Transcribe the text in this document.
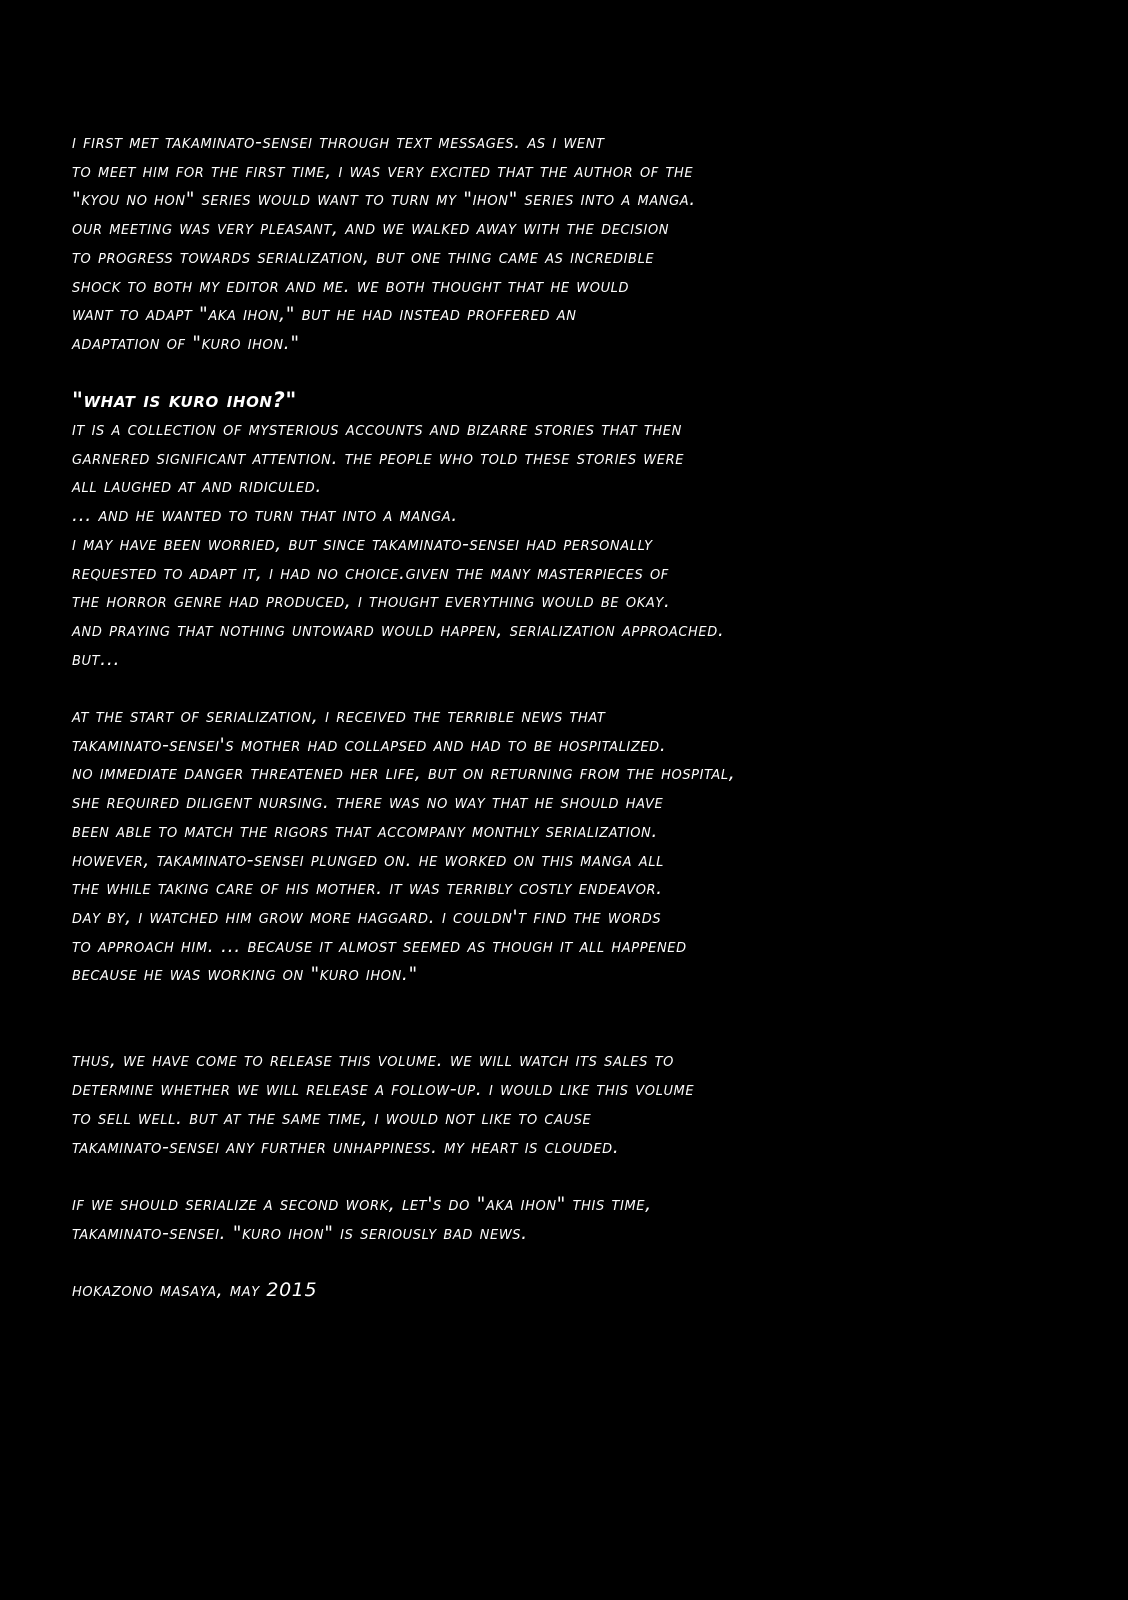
i first met takaminato-sensei through text messages. as i went
to meet him for the first time, i was very excited that the author of the
"kyou no hon" series would want to turn my "ihon" series into a manga.
our meeting was very pleasant, and we walked away with the decision
to progress towards serialization, but one thing came as incredible
shock to both my editor and me. we both thought that he would
want to adapt "aka ihon," but he had instead proffered an
adaptation of "kuro ihon."
"what is kuro ihon?"
it is a collection of mysterious accounts and bizarre stories that then
garnered significant attention. the people who told these stories were
all laughed at and ridiculed.
... and he wanted to turn that into a manga.
i may have been worried, but since takaminato-sensei had personally
requested to adapt it, i had no choice.given the many masterpieces of
the horror genre had produced, i thought everything would be okay.
and praying that nothing untoward would happen, serialization approached.
but...
at the start of serialization, i received the terrible news that
takaminato-sensei's mother had collapsed and had to be hospitalized.
no immediate danger threatened her life, but on returning from the hospital,
she required diligent nursing. there was no way that he should have
been able to match the rigors that accompany monthly serialization.
however, takaminato-sensei plunged on. he worked on this manga all
the while taking care of his mother. it was terribly costly endeavor.
day by, i watched him grow more haggard. i couldn't find the words
to approach him. ... because it almost seemed as though it all happened
because he was working on "kuro ihon."
thus, we have come to release this volume. we will watch its sales to
determine whether we will release a follow-up. i would like this volume
to sell well. but at the same time, i would not like to cause
takaminato-sensei any further unhappiness. my heart is clouded.
if we should serialize a second work, let's do "aka ihon" this time,
takaminato-sensei. "kuro ihon" is seriously bad news.
hokazono masaya, may 2015
